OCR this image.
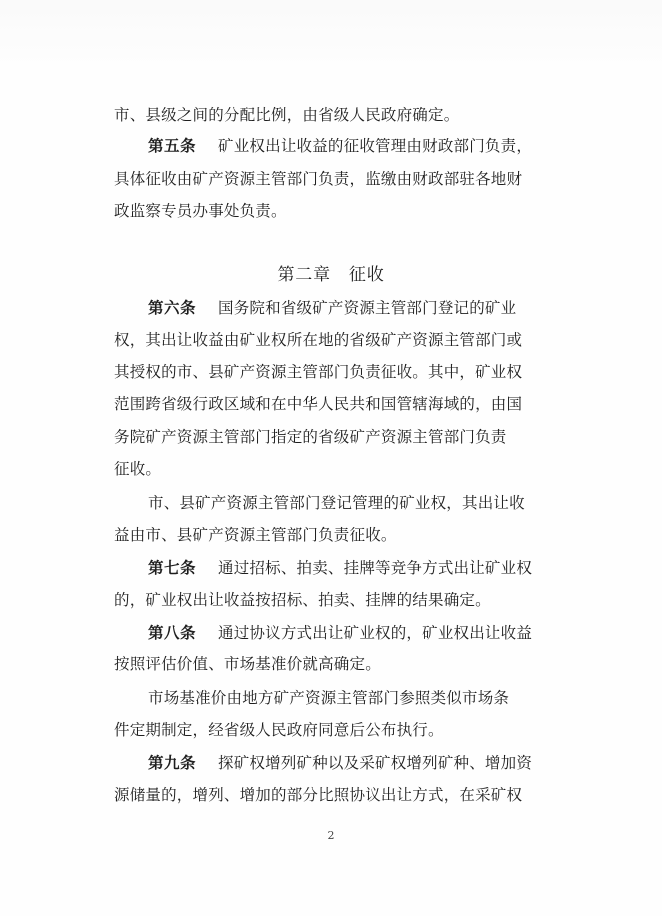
市、县级之间的分配比例，由省级人民政府确定。
第五条 矿业权出让收益的征收管理由财政部门负责，
具体征收由矿产资源主管部门负责，监缴由财政部驻各地财
政监察专员办事处负责。
第二章 征收
第六条 国务院和省级矿产资源主管部门登记的矿业
权，其出让收益由矿业权所在地的省级矿产资源主管部门或
其授权的市、县矿产资源主管部门负责征收。其中，矿业权
范围跨省级行政区域和在中华人民共和国管辖海域的，由国
务院矿产资源主管部门指定的省级矿产资源主管部门负责
征收。
市、县矿产资源主管部门登记管理的矿业权，其出让收
益由市、县矿产资源主管部门负责征收。
第七条 通过招标、拍卖、挂牌等竞争方式出让矿业权
的，矿业权出让收益按招标、拍卖、挂牌的结果确定。
第八条 通过协议方式出让矿业权的，矿业权出让收益
按照评估价值、市场基准价就高确定。
市场基准价由地方矿产资源主管部门参照类似市场条
件定期制定，经省级人民政府同意后公布执行。
第九条 探矿权增列矿种以及采矿权增列矿种、增加资
源储量的，增列、增加的部分比照协议出让方式，在采矿权
2
